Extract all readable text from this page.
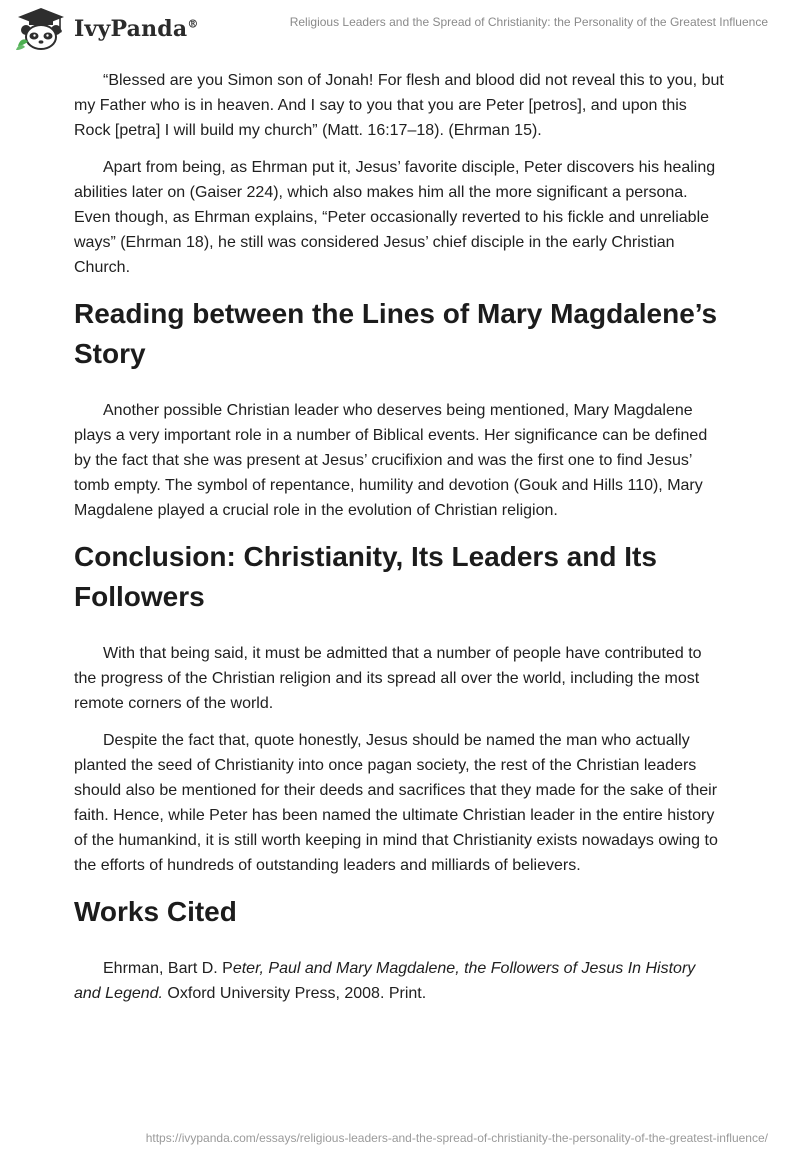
IvyPanda®	Religious Leaders and the Spread of Christianity: the Personality of the Greatest Influence

“Blessed are you Simon son of Jonah! For flesh and blood did not reveal this to you, but my Father who is in heaven. And I say to you that you are Peter [petros], and upon this Rock [petra] I will build my church” (Matt. 16:17–18). (Ehrman 15).

Apart from being, as Ehrman put it, Jesus’ favorite disciple, Peter discovers his healing abilities later on (Gaiser 224), which also makes him all the more significant a persona. Even though, as Ehrman explains, “Peter occasionally reverted to his fickle and unreliable ways” (Ehrman 18), he still was considered Jesus’ chief disciple in the early Christian Church.

Reading between the Lines of Mary Magdalene’s Story

Another possible Christian leader who deserves being mentioned, Mary Magdalene plays a very important role in a number of Biblical events. Her significance can be defined by the fact that she was present at Jesus’ crucifixion and was the first one to find Jesus’ tomb empty. The symbol of repentance, humility and devotion (Gouk and Hills 110), Mary Magdalene played a crucial role in the evolution of Christian religion.

Conclusion: Christianity, Its Leaders and Its Followers

With that being said, it must be admitted that a number of people have contributed to the progress of the Christian religion and its spread all over the world, including the most remote corners of the world.

Despite the fact that, quote honestly, Jesus should be named the man who actually planted the seed of Christianity into once pagan society, the rest of the Christian leaders should also be mentioned for their deeds and sacrifices that they made for the sake of their faith. Hence, while Peter has been named the ultimate Christian leader in the entire history of the humankind, it is still worth keeping in mind that Christianity exists nowadays owing to the efforts of hundreds of outstanding leaders and milliards of believers.

Works Cited

Ehrman, Bart D. Peter, Paul and Mary Magdalene, the Followers of Jesus In History and Legend. Oxford University Press, 2008. Print.

https://ivypanda.com/essays/religious-leaders-and-the-spread-of-christianity-the-personality-of-the-greatest-influence/
